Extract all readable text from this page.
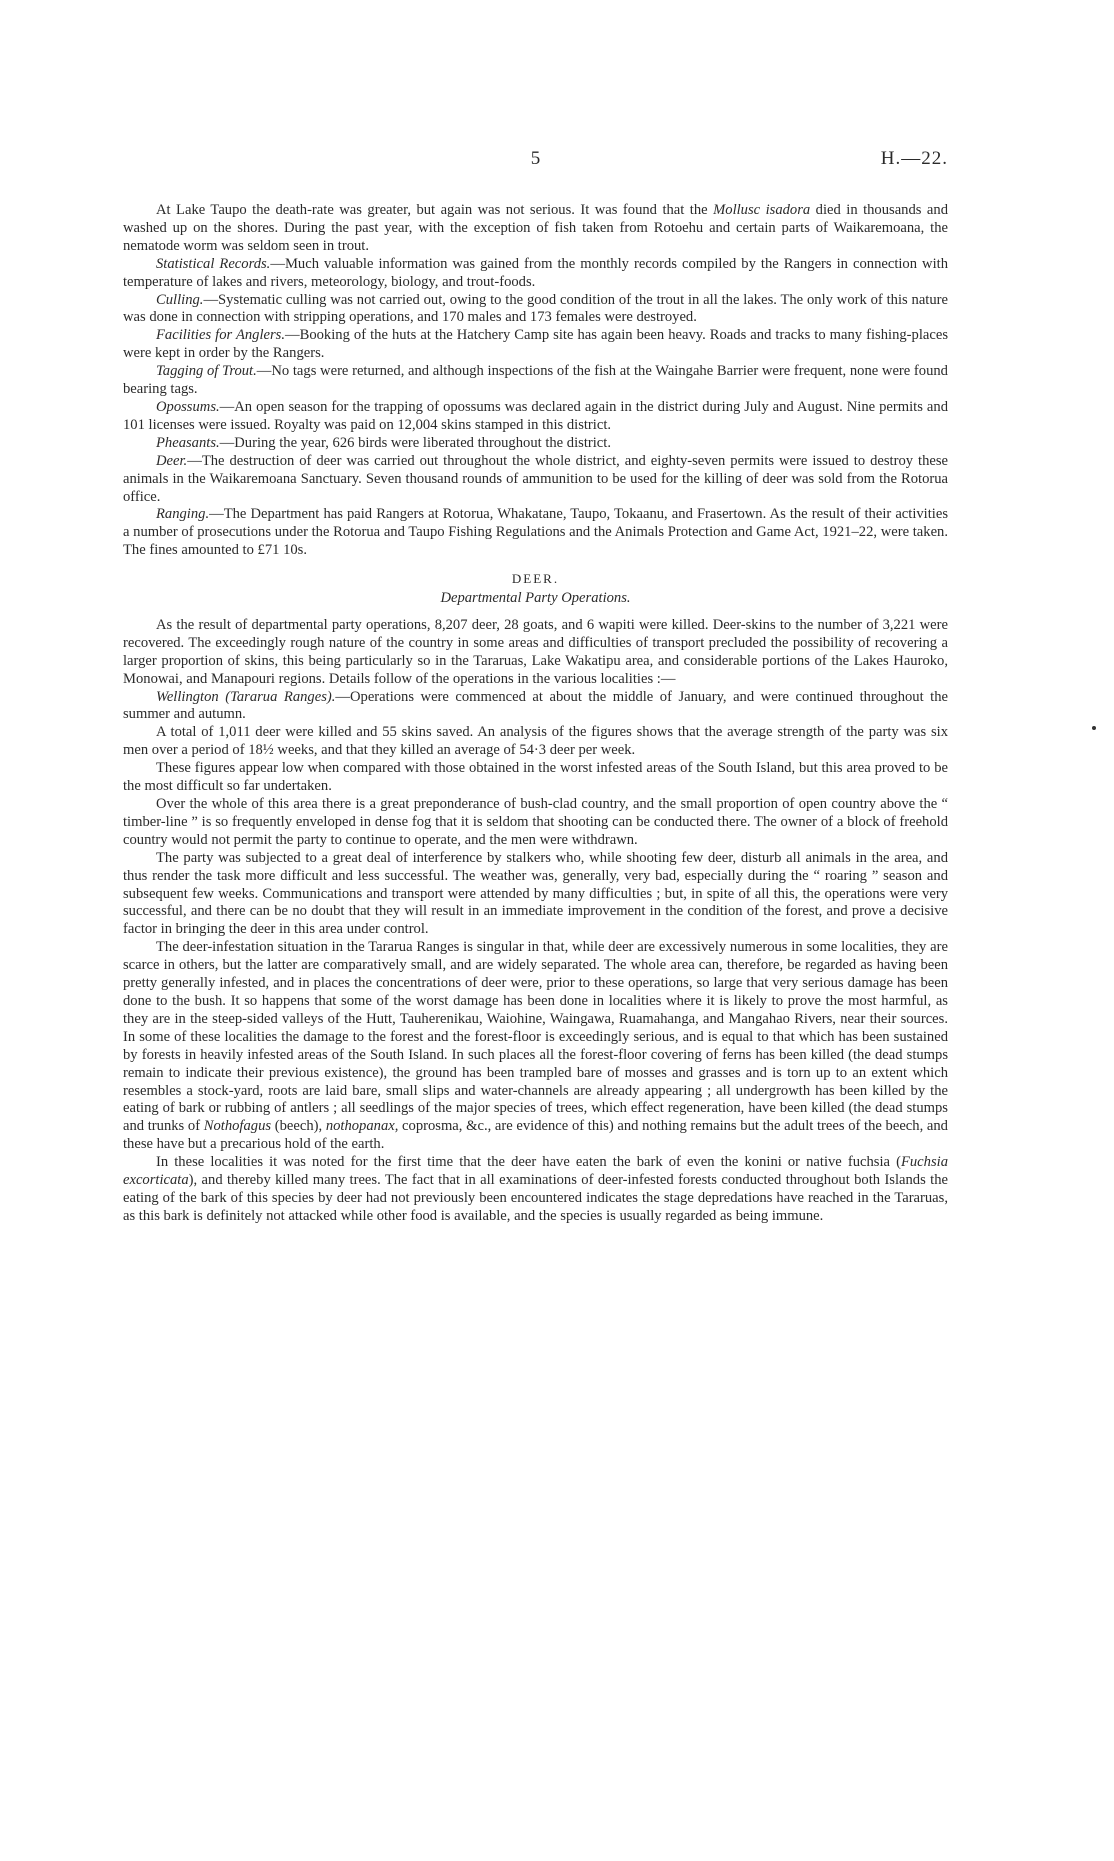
5	H.—22.

At Lake Taupo the death-rate was greater, but again was not serious. It was found that the Mollusc isadora died in thousands and washed up on the shores. During the past year, with the exception of fish taken from Rotoehu and certain parts of Waikaremoana, the nematode worm was seldom seen in trout.

Statistical Records.—Much valuable information was gained from the monthly records compiled by the Rangers in connection with temperature of lakes and rivers, meteorology, biology, and trout-foods.

Culling.—Systematic culling was not carried out, owing to the good condition of the trout in all the lakes. The only work of this nature was done in connection with stripping operations, and 170 males and 173 females were destroyed.

Facilities for Anglers.—Booking of the huts at the Hatchery Camp site has again been heavy. Roads and tracks to many fishing-places were kept in order by the Rangers.

Tagging of Trout.—No tags were returned, and although inspections of the fish at the Waingahe Barrier were frequent, none were found bearing tags.

Opossums.—An open season for the trapping of opossums was declared again in the district during July and August. Nine permits and 101 licenses were issued. Royalty was paid on 12,004 skins stamped in this district.

Pheasants.—During the year, 626 birds were liberated throughout the district.

Deer.—The destruction of deer was carried out throughout the whole district, and eighty-seven permits were issued to destroy these animals in the Waikaremoana Sanctuary. Seven thousand rounds of ammunition to be used for the killing of deer was sold from the Rotorua office.

Ranging.—The Department has paid Rangers at Rotorua, Whakatane, Taupo, Tokaanu, and Frasertown. As the result of their activities a number of prosecutions under the Rotorua and Taupo Fishing Regulations and the Animals Protection and Game Act, 1921–22, were taken. The fines amounted to £71 10s.

DEER.
Departmental Party Operations.

As the result of departmental party operations, 8,207 deer, 28 goats, and 6 wapiti were killed. Deer-skins to the number of 3,221 were recovered. The exceedingly rough nature of the country in some areas and difficulties of transport precluded the possibility of recovering a larger proportion of skins, this being particularly so in the Tararuas, Lake Wakatipu area, and considerable portions of the Lakes Hauroko, Monowai, and Manapouri regions. Details follow of the operations in the various localities :—

Wellington (Tararua Ranges).—Operations were commenced at about the middle of January, and were continued throughout the summer and autumn.

A total of 1,011 deer were killed and 55 skins saved. An analysis of the figures shows that the average strength of the party was six men over a period of 18½ weeks, and that they killed an average of 54·3 deer per week.

These figures appear low when compared with those obtained in the worst infested areas of the South Island, but this area proved to be the most difficult so far undertaken.

Over the whole of this area there is a great preponderance of bush-clad country, and the small proportion of open country above the “ timber-line ” is so frequently enveloped in dense fog that it is seldom that shooting can be conducted there. The owner of a block of freehold country would not permit the party to continue to operate, and the men were withdrawn.

The party was subjected to a great deal of interference by stalkers who, while shooting few deer, disturb all animals in the area, and thus render the task more difficult and less successful. The weather was, generally, very bad, especially during the “ roaring ” season and subsequent few weeks. Communications and transport were attended by many difficulties ; but, in spite of all this, the operations were very successful, and there can be no doubt that they will result in an immediate improvement in the condition of the forest, and prove a decisive factor in bringing the deer in this area under control.

The deer-infestation situation in the Tararua Ranges is singular in that, while deer are excessively numerous in some localities, they are scarce in others, but the latter are comparatively small, and are widely separated. The whole area can, therefore, be regarded as having been pretty generally infested, and in places the concentrations of deer were, prior to these operations, so large that very serious damage has been done to the bush. It so happens that some of the worst damage has been done in localities where it is likely to prove the most harmful, as they are in the steep-sided valleys of the Hutt, Tauherenikau, Waiohine, Waingawa, Ruamahanga, and Mangahao Rivers, near their sources. In some of these localities the damage to the forest and the forest-floor is exceedingly serious, and is equal to that which has been sustained by forests in heavily infested areas of the South Island. In such places all the forest-floor covering of ferns has been killed (the dead stumps remain to indicate their previous existence), the ground has been trampled bare of mosses and grasses and is torn up to an extent which resembles a stock-yard, roots are laid bare, small slips and water-channels are already appearing ; all undergrowth has been killed by the eating of bark or rubbing of antlers ; all seedlings of the major species of trees, which effect regeneration, have been killed (the dead stumps and trunks of Nothofagus (beech), nothopanax, coprosma, &c., are evidence of this) and nothing remains but the adult trees of the beech, and these have but a precarious hold of the earth.

In these localities it was noted for the first time that the deer have eaten the bark of even the konini or native fuchsia (Fuchsia excorticata), and thereby killed many trees. The fact that in all examinations of deer-infested forests conducted throughout both Islands the eating of the bark of this species by deer had not previously been encountered indicates the stage depredations have reached in the Tararuas, as this bark is definitely not attacked while other food is available, and the species is usually regarded as being immune.
